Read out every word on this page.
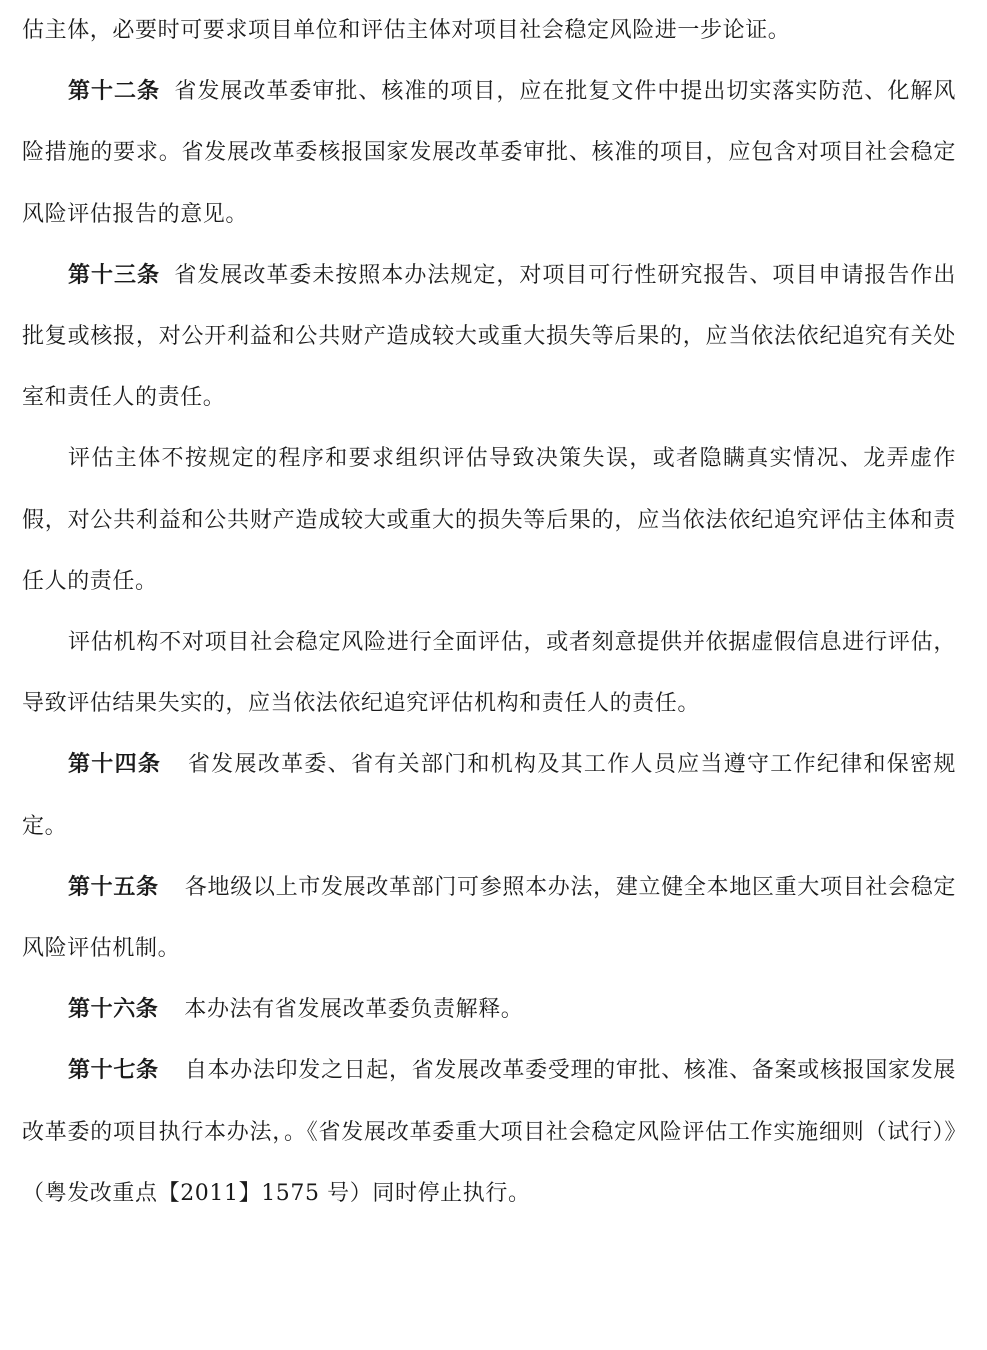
估主体，必要时可要求项目单位和评估主体对项目社会稳定风险进一步论证。

第十二条 省发展改革委审批、核准的项目，应在批复文件中提出切实落实防范、化解风险措施的要求。省发展改革委核报国家发展改革委审批、核准的项目，应包含对项目社会稳定风险评估报告的意见。

第十三条 省发展改革委未按照本办法规定，对项目可行性研究报告、项目申请报告作出批复或核报，对公开利益和公共财产造成较大或重大损失等后果的，应当依法依纪追究有关处室和责任人的责任。

评估主体不按规定的程序和要求组织评估导致决策失误，或者隐瞒真实情况、龙弄虚作假，对公共利益和公共财产造成较大或重大的损失等后果的，应当依法依纪追究评估主体和责任人的责任。

评估机构不对项目社会稳定风险进行全面评估，或者刻意提供并依据虚假信息进行评估，导致评估结果失实的，应当依法依纪追究评估机构和责任人的责任。

第十四条 省发展改革委、省有关部门和机构及其工作人员应当遵守工作纪律和保密规定。

第十五条 各地级以上市发展改革部门可参照本办法，建立健全本地区重大项目社会稳定风险评估机制。

第十六条 本办法有省发展改革委负责解释。

第十七条 自本办法印发之日起，省发展改革委受理的审批、核准、备案或核报国家发展改革委的项目执行本办法，。《省发展改革委重大项目社会稳定风险评估工作实施细则（试行）》（粤发改重点【2011】1575 号）同时停止执行。
